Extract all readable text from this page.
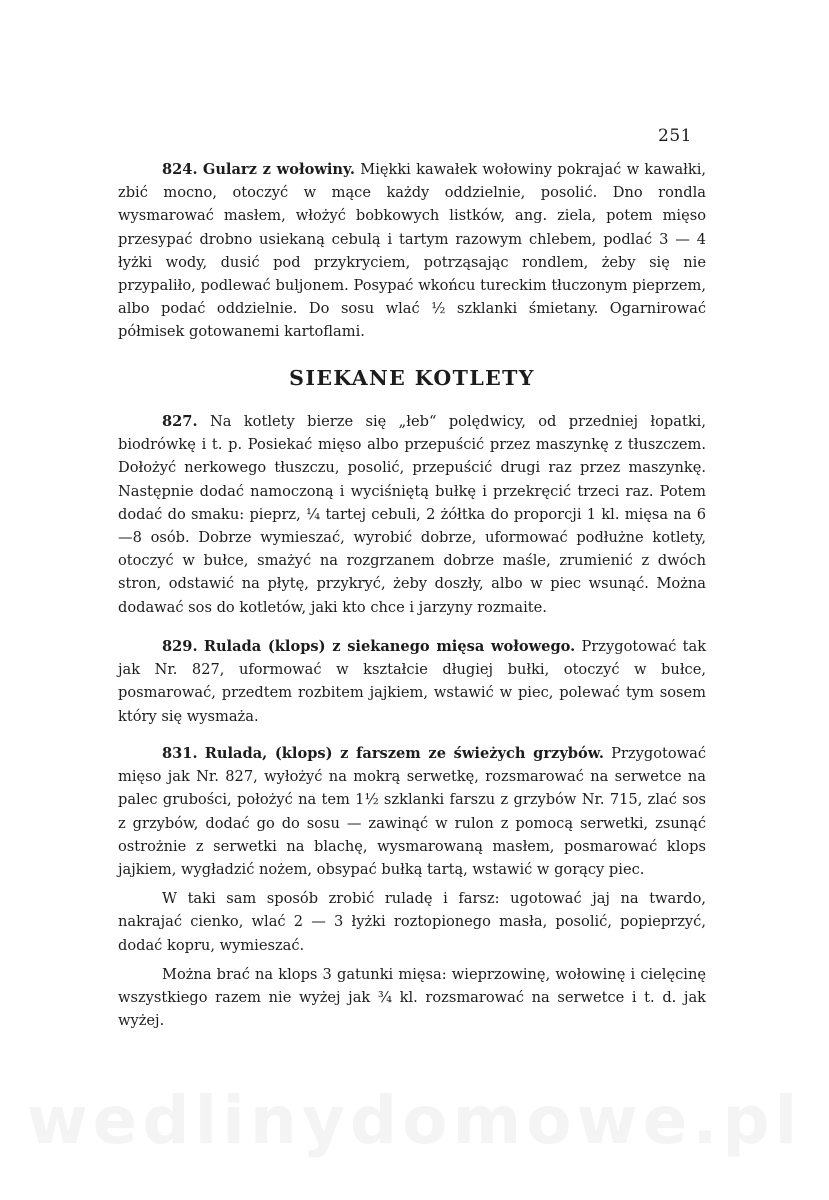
251

824. Gularz z wołowiny. Miękki kawałek wołowiny pokrajać w kawałki, zbić mocno, otoczyć w mące każdy oddzielnie, posolić. Dno rondla wysmarować masłem, włożyć bobkowych listków, ang. ziela, potem mięso przesypać drobno usiekaną cebulą i tartym razowym chlebem, podlać 3 — 4 łyżki wody, dusić pod przykryciem, potrząsając rondlem, żeby się nie przypaliło, podlewać buljonem. Posypać wkońcu tureckim tłuczonym pieprzem, albo podać oddzielnie. Do sosu wlać ½ szklanki śmietany. Ogarnirować półmisek gotowanemi kartoflami.

SIEKANE KOTLETY

827. Na kotlety bierze się „łeb“ polędwicy, od przedniej łopatki, biodrówkę i t. p. Posiekać mięso albo przepuścić przez maszynkę z tłuszczem. Dołożyć nerkowego tłuszczu, posolić, przepuścić drugi raz przez maszynkę. Następnie dodać namoczoną i wyciśniętą bułkę i przekręcić trzeci raz. Potem dodać do smaku: pieprz, ¼ tartej cebuli, 2 żółtka do proporcji 1 kl. mięsa na 6—8 osób. Dobrze wymieszać, wyrobić dobrze, uformować podłużne kotlety, otoczyć w bułce, smażyć na rozgrzanem dobrze maśle, zrumienić z dwóch stron, odstawić na płytę, przykryć, żeby doszły, albo w piec wsunąć. Można dodawać sos do kotletów, jaki kto chce i jarzyny rozmaite.

829. Rulada (klops) z siekanego mięsa wołowego. Przygotować tak jak Nr. 827, uformować w kształcie długiej bułki, otoczyć w bułce, posmarować, przedtem rozbitem jajkiem, wstawić w piec, polewać tym sosem który się wysmaża.

831. Rulada, (klops) z farszem ze świeżych grzybów. Przygotować mięso jak Nr. 827, wyłożyć na mokrą serwetkę, rozsmarować na serwetce na palec grubości, położyć na tem 1½ szklanki farszu z grzybów Nr. 715, zlać sos z grzybów, dodać go do sosu — zawinąć w rulon z pomocą serwetki, zsunąć ostrożnie z serwetki na blachę, wysmarowaną masłem, posmarować klops jajkiem, wygładzić nożem, obsypać bułką tartą, wstawić w gorący piec.

W taki sam sposób zrobić ruladę i farsz: ugotować jaj na twardo, nakrajać cienko, wlać 2 — 3 łyżki roztopionego masła, posolić, popieprzyć, dodać kopru, wymieszać.

Można brać na klops 3 gatunki mięsa: wieprzowinę, wołowinę i cielęcinę wszystkiego razem nie wyżej jak ¾ kl. rozsmarować na serwetce i t. d. jak wyżej.

wedlinydomowe.pl
